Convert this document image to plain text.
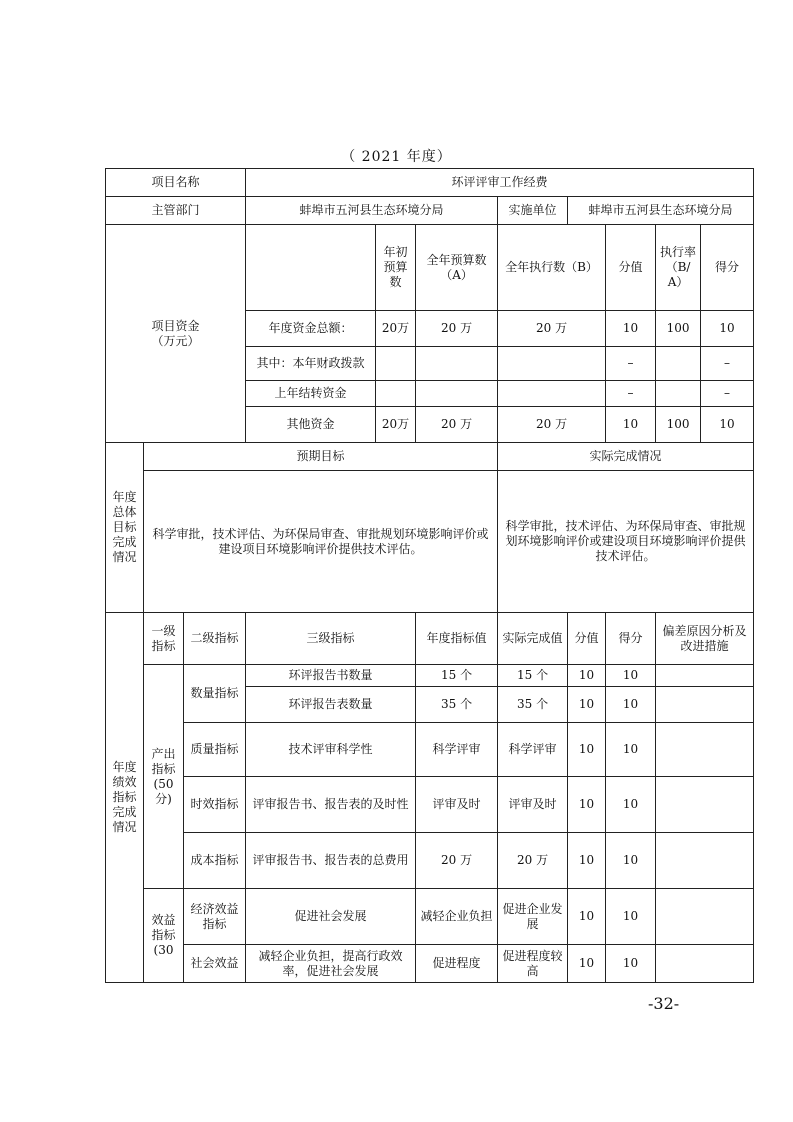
（ 2021 年度）
项目名称			环评评审工作经费							
主管部门			蚌埠市五河县生态环境分局			实施单位	蚌埠市五河县生态环境分局			
项目资金（万元）				年初预算数	全年预算数（A）	全年执行数（B）		分值	执行率（B/A）	得分
			年度资金总额：	20万	20 万	20 万		10	100	10
			其中：本年财政拨款					–		–
			上年结转资金					–		–
			其他资金	20万	20 万	20 万		10	100	10
年度总体目标完成情况	预期目标					实际完成情况				
	科学审批，技术评估、为环保局审查、审批规划环境影响评价或建设项目环境影响评价提供技术评估。					科学审批，技术评估、为环保局审查、审批规划环境影响评价或建设项目环境影响评价提供技术评估。				
年度绩效指标完成情况	一级指标	二级指标	三级指标		年度指标值	实际完成值	分值	得分	偏差原因分析及改进措施	
	产出指标(50分)	数量指标	环评报告书数量		15 个	15 个	10	10		
			环评报告表数量		35 个	35 个	10	10		
		质量指标	技术评审科学性		科学评审	科学评审	10	10		
		时效指标	评审报告书、报告表的及时性		评审及时	评审及时	10	10		
		成本指标	评审报告书、报告表的总费用		20 万	20 万	10	10		
	效益指标(30	经济效益指标	促进社会发展		减轻企业负担	促进企业发展	10	10		
		社会效益	减轻企业负担，提高行政效率，促进社会发展		促进程度	促进程度较高	10	10		
-32-
